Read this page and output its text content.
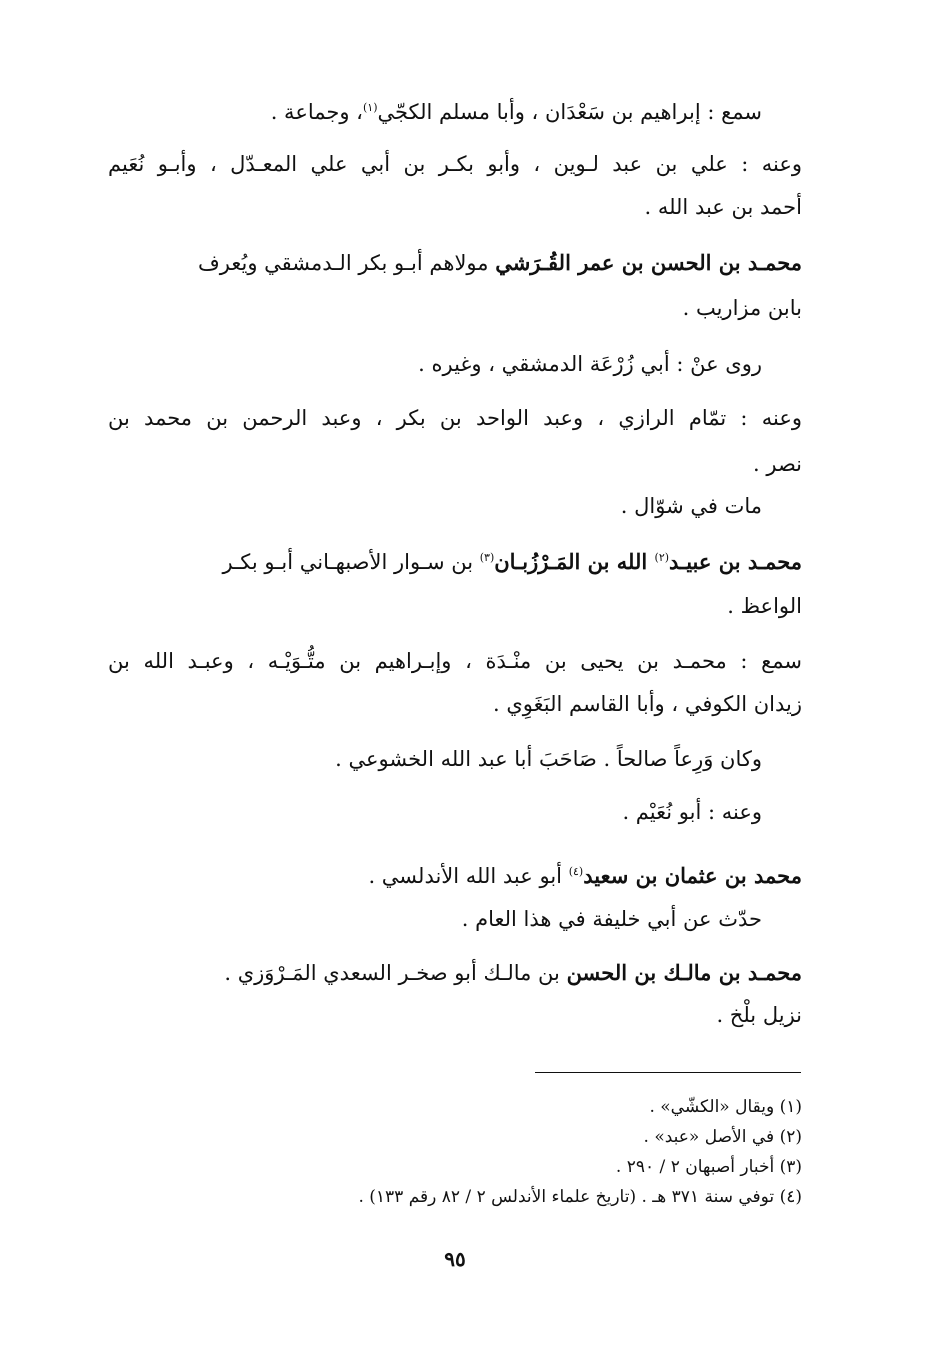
سمع : إبراهيم بن سَعْدَان ، وأبا مسلم الكجّي$^{(١)}$، وجماعة .
وعنه : علي بن عبد لـوين ، وأبو بكـر بن أبي علي المعـدّل ، وأبـو نُعَيم
أحمد بن عبد الله .
محمـد بن الحسن بن عمر القُـرَشي مولاهم أبـو بكر الـدمشقي ويُعرف
بابن مزاريب .
روى عنْ : أبي زُرْعَة الدمشقي ، وغيره .
وعنه : تمّام الرازي ، وعبد الواحد بن بكر ، وعبد الرحمن بن محمد بن
نصر .
مات في شوّال .
محمـد بن عبيـد$^{(٢)}$ الله بن المَـرْزُبـان$^{(٣)}$ بن سـوار الأصبهـاني أبـو بكـر
الواعظ .
سمع : محمـد بن يحيى بن منْـدَة ، وإبـراهيم بن متُّـوَيْـه ، وعبـد الله بن
زيدان الكوفي ، وأبا القاسم البَغَوِي .
وكان وَرِعاً صالحاً . صَاحَبَ أبا عبد الله الخشوعي .
وعنه : أبو نُعَيْم .
محمد بن عثمان بن سعيد$^{(٤)}$ أبو عبد الله الأندلسي .
حدّث عن أبي خليفة في هذا العام .
محمـد بن مالـك بن الحسن بن مالـك أبو صخـر السعدي المَـرْوَزي .
نزيل بلْخ .
(١) ويقال «الكشّي» .
(٢) في الأصل «عبد» .
(٣) أخبار أصبهان ٢ / ٢٩٠ .
(٤) توفي سنة ٣٧١ هـ . (تاريخ علماء الأندلس ٢ / ٨٢ رقم ١٣٣) .
٩٥
